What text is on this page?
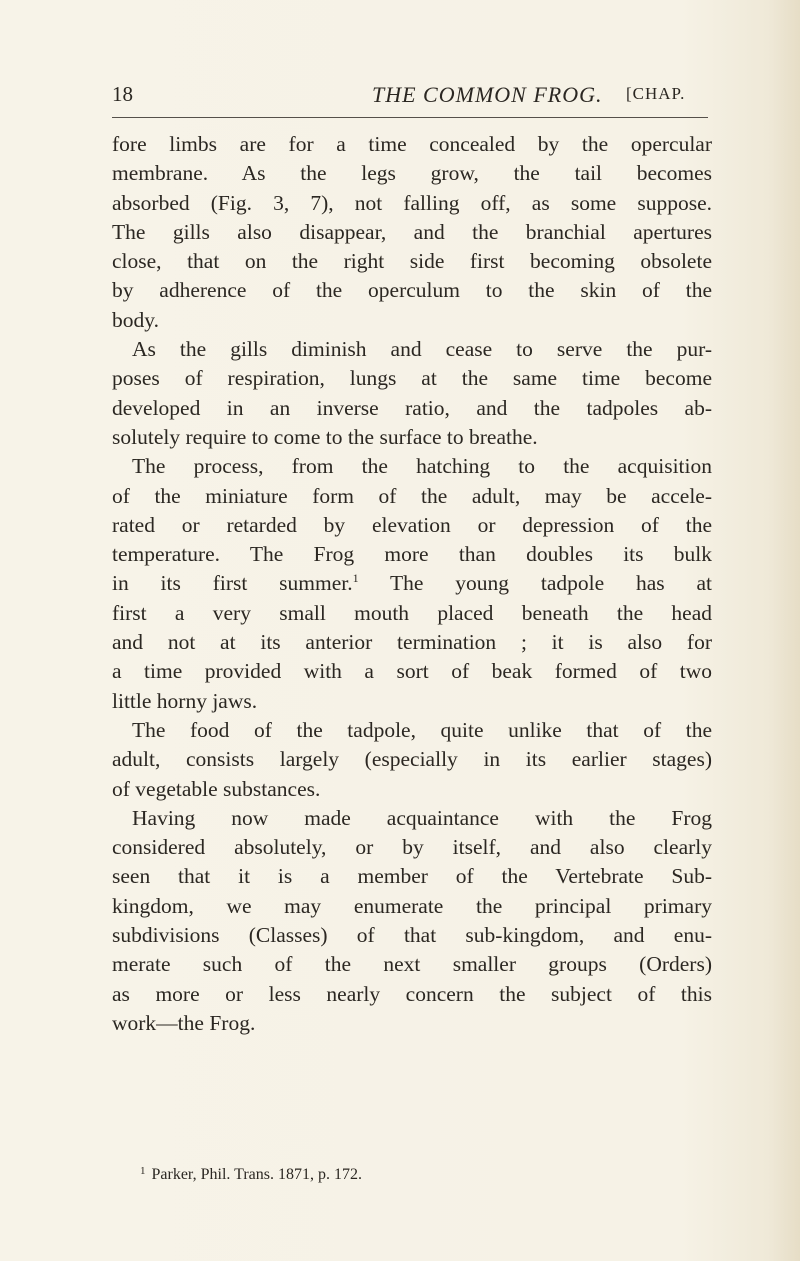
18	THE COMMON FROG. [CHAP.
fore limbs are for a time concealed by the opercular
membrane. As the legs grow, the tail becomes
absorbed (Fig. 3, 7), not falling off, as some suppose.
The gills also disappear, and the branchial apertures
close, that on the right side first becoming obsolete
by adherence of the operculum to the skin of the
body.
As the gills diminish and cease to serve the pur-
poses of respiration, lungs at the same time become
developed in an inverse ratio, and the tadpoles ab-
solutely require to come to the surface to breathe.
The process, from the hatching to the acquisition
of the miniature form of the adult, may be accele-
rated or retarded by elevation or depression of the
temperature. The Frog more than doubles its bulk
in its first summer.$^1$ The young tadpole has at
first a very small mouth placed beneath the head
and not at its anterior termination ; it is also for
a time provided with a sort of beak formed of two
little horny jaws.
The food of the tadpole, quite unlike that of the
adult, consists largely (especially in its earlier stages)
of vegetable substances.
Having now made acquaintance with the Frog
considered absolutely, or by itself, and also clearly
seen that it is a member of the Vertebrate Sub-
kingdom, we may enumerate the principal primary
subdivisions (Classes) of that sub-kingdom, and enu-
merate such of the next smaller groups (Orders)
as more or less nearly concern the subject of this
work—the Frog.
$^1$ Parker, Phil. Trans. 1871, p. 172.
